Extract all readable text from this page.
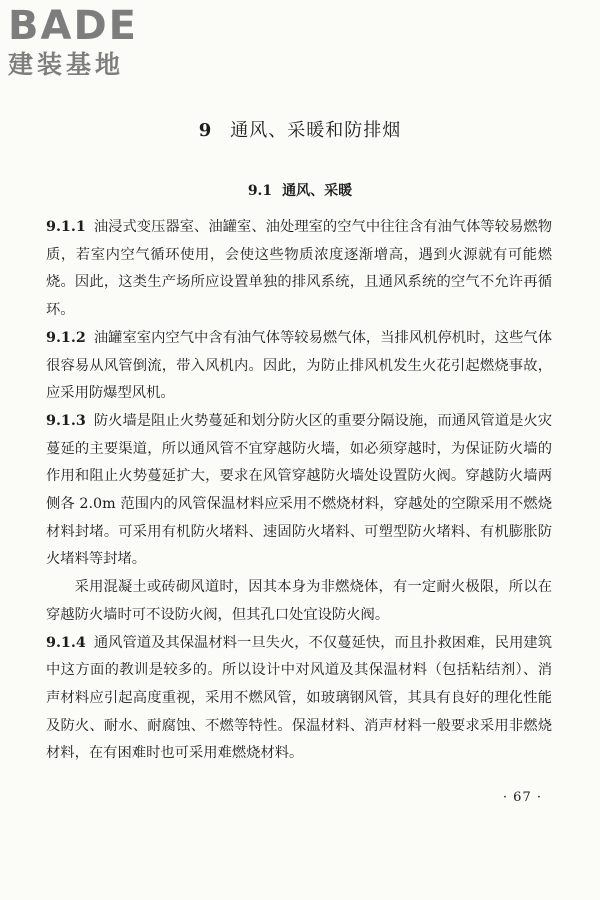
BADE
建装基地
9 通风、采暖和防排烟
9.1 通风、采暖

9.1.1 油浸式变压器室、油罐室、油处理室的空气中往往含有油气体等较易燃物质，若室内空气循环使用，会使这些物质浓度逐渐增高，遇到火源就有可能燃烧。因此，这类生产场所应设置单独的排风系统，且通风系统的空气不允许再循环。

9.1.2 油罐室室内空气中含有油气体等较易燃气体，当排风机停机时，这些气体很容易从风管倒流，带入风机内。因此，为防止排风机发生火花引起燃烧事故，应采用防爆型风机。

9.1.3 防火墙是阻止火势蔓延和划分防火区的重要分隔设施，而通风管道是火灾蔓延的主要渠道，所以通风管不宜穿越防火墙，如必须穿越时，为保证防火墙的作用和阻止火势蔓延扩大，要求在风管穿越防火墙处设置防火阀。穿越防火墙两侧各 2.0m 范围内的风管保温材料应采用不燃烧材料，穿越处的空隙采用不燃烧材料封堵。可采用有机防火堵料、速固防火堵料、可塑型防火堵料、有机膨胀防火堵料等封堵。

采用混凝土或砖砌风道时，因其本身为非燃烧体，有一定耐火极限，所以在穿越防火墙时可不设防火阀，但其孔口处宜设防火阀。

9.1.4 通风管道及其保温材料一旦失火，不仅蔓延快，而且扑救困难，民用建筑中这方面的教训是较多的。所以设计中对风道及其保温材料（包括粘结剂）、消声材料应引起高度重视，采用不燃风管，如玻璃钢风管，其具有良好的理化性能及防火、耐水、耐腐蚀、不燃等特性。保温材料、消声材料一般要求采用非燃烧材料，在有困难时也可采用难燃烧材料。

· 67 ·
